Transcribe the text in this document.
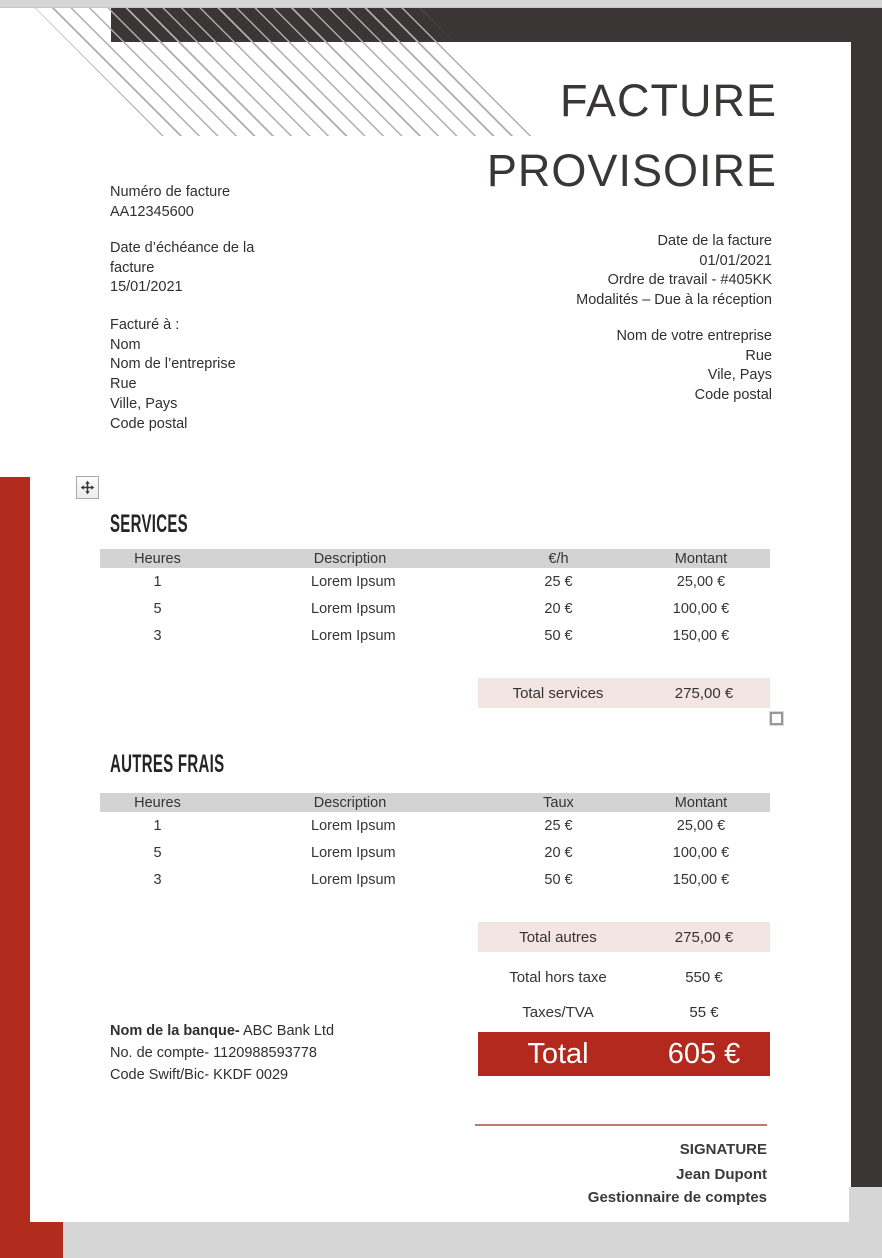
FACTURE
PROVISOIRE
Numéro de facture
AA12345600
Date d’échéance de la
facture
15/01/2021
Facturé à :
Nom
Nom de l’entreprise
Rue
Ville, Pays
Code postal
Date de la facture
01/01/2021
Ordre de travail - #405KK
Modalités – Due à la réception
Nom de votre entreprise
Rue
Vile, Pays
Code postal
SERVICES
Heures	Description	€/h	Montant
1	Lorem Ipsum	25 €	25,00 €
5	Lorem Ipsum	20 €	100,00 €
3	Lorem Ipsum	50 €	150,00 €
Total services	275,00 €
AUTRES FRAIS
Heures	Description	Taux	Montant
1	Lorem Ipsum	25 €	25,00 €
5	Lorem Ipsum	20 €	100,00 €
3	Lorem Ipsum	50 €	150,00 €
Total autres	275,00 €
Total hors taxe	550 €
Taxes/TVA	55 €
Total	605 €
Nom de la banque- ABC Bank Ltd
No. de compte- 1120988593778
Code Swift/Bic- KKDF 0029
SIGNATURE
Jean Dupont
Gestionnaire de comptes
